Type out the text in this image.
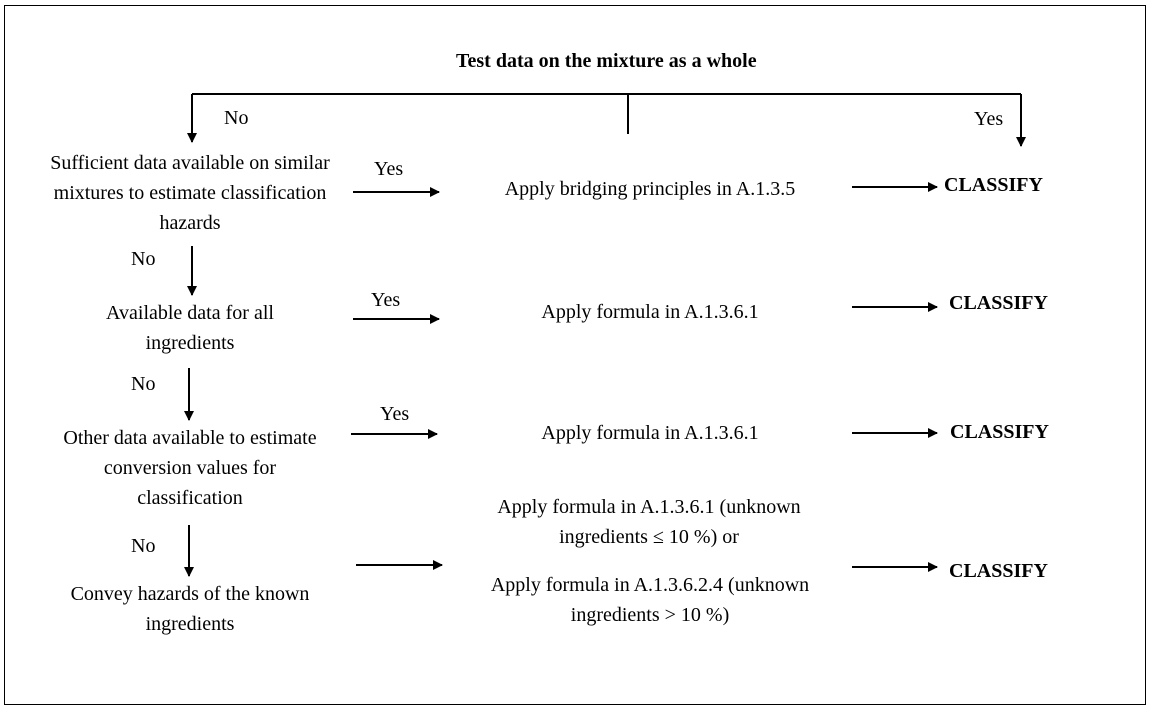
Test data on the mixture as a whole
No	Yes
Sufficient data available on similar mixtures to estimate classification hazards
No
Available data for all ingredients
No
Other data available to estimate conversion values for classification
No
Convey hazards of the known ingredients
Yes
Yes
Yes
Apply bridging principles in A.1.3.5
Apply formula in A.1.3.6.1
Apply formula in A.1.3.6.1
Apply formula in A.1.3.6.1 (unknown ingredients ≤ 10 %) or
Apply formula in A.1.3.6.2.4 (unknown ingredients > 10 %)
CLASSIFY
CLASSIFY
CLASSIFY
CLASSIFY
